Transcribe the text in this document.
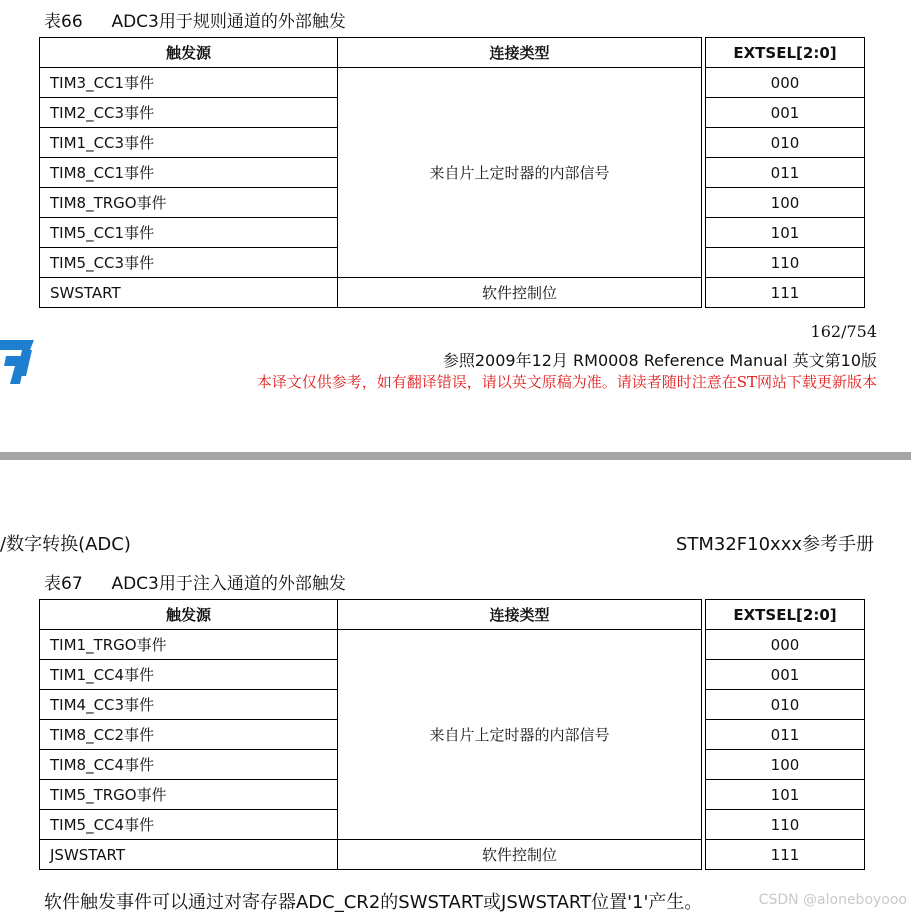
表66 ADC3用于规则通道的外部触发
触发源	连接类型		EXTSEL[2:0]
TIM3_CC1事件	来自片上定时器的内部信号		000
TIM2_CC3事件			001
TIM1_CC3事件			010
TIM8_CC1事件			011
TIM8_TRGO事件			100
TIM5_CC1事件			101
TIM5_CC3事件			110
SWSTART	软件控制位		111
162/754
参照2009年12月 RM0008 Reference Manual 英文第10版
本译文仅供参考，如有翻译错误，请以英文原稿为准。请读者随时注意在ST网站下载更新版本
/数字转换(ADC)	STM32F10xxx参考手册
表67 ADC3用于注入通道的外部触发
触发源	连接类型		EXTSEL[2:0]
TIM1_TRGO事件	来自片上定时器的内部信号		000
TIM1_CC4事件			001
TIM4_CC3事件			010
TIM8_CC2事件			011
TIM8_CC4事件			100
TIM5_TRGO事件			101
TIM5_CC4事件			110
JSWSTART	软件控制位		111
软件触发事件可以通过对寄存器ADC_CR2的SWSTART或JSWSTART位置'1'产生。	CSDN @aloneboyooo
